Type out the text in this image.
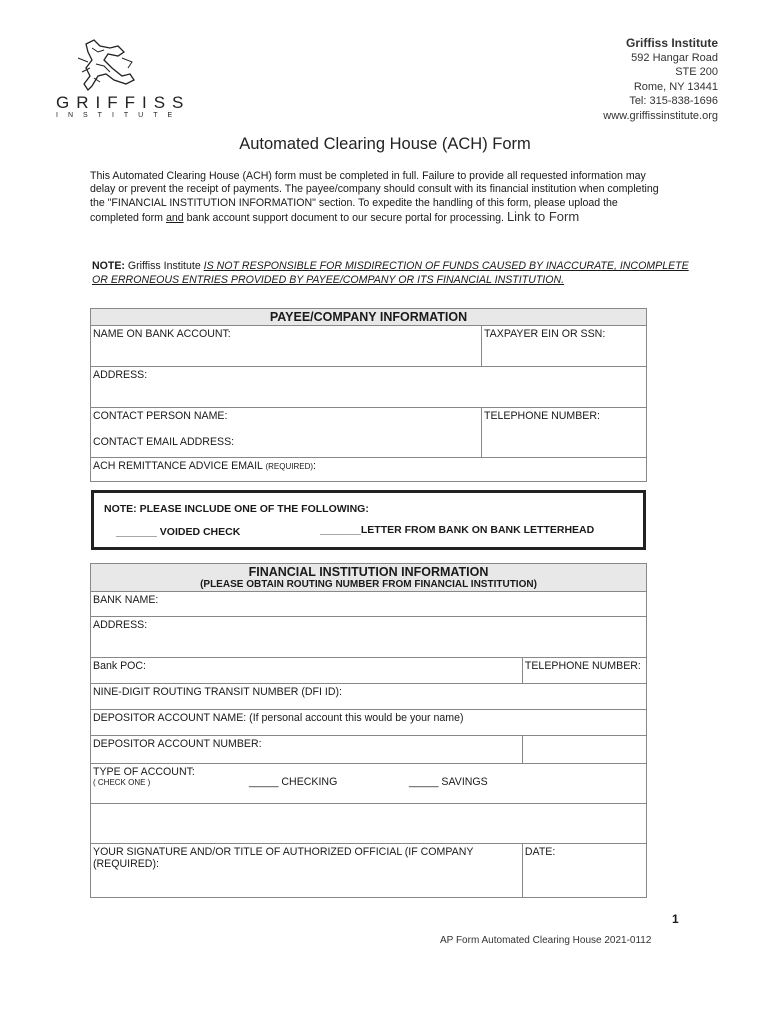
GRIFFISS
INSTITUTE
Griffiss Institute
592 Hangar Road
STE 200
Rome, NY 13441
Tel: 315-838-1696
www.griffissinstitute.org
Automated Clearing House (ACH) Form
This Automated Clearing House (ACH) form must be completed in full. Failure to provide all requested information may delay or prevent the receipt of payments. The payee/company should consult with its financial institution when completing the "FINANCIAL INSTITUTION INFORMATION" section. To expedite the handling of this form, please upload the completed form and bank account support document to our secure portal for processing. Link to Form
NOTE: Griffiss Institute IS NOT RESPONSIBLE FOR MISDIRECTION OF FUNDS CAUSED BY INACCURATE, INCOMPLETE OR ERRONEOUS ENTRIES PROVIDED BY PAYEE/COMPANY OR ITS FINANCIAL INSTITUTION.
PAYEE/COMPANY INFORMATION	
NAME ON BANK ACCOUNT:	TAXPAYER EIN OR SSN:
ADDRESS:	
CONTACT PERSON NAME:	TELEPHONE NUMBER:
CONTACT EMAIL ADDRESS:	
ACH REMITTANCE ADVICE EMAIL (REQUIRED):	
NOTE: PLEASE INCLUDE ONE OF THE FOLLOWING:
_______ VOIDED CHECK	_______LETTER FROM BANK ON BANK LETTERHEAD
FINANCIAL INSTITUTION INFORMATION
(PLEASE OBTAIN ROUTING NUMBER FROM FINANCIAL INSTITUTION)	

BANK NAME:	
ADDRESS:	
Bank POC:	TELEPHONE NUMBER:
NINE-DIGIT ROUTING TRANSIT NUMBER (DFI ID):	
DEPOSITOR ACCOUNT NAME: (If personal account this would be your name)	
DEPOSITOR ACCOUNT NUMBER:	

TYPE OF ACCOUNT:
( CHECK ONE ) _____ CHECKING _____ SAVINGS	

YOUR SIGNATURE AND/OR TITLE OF AUTHORIZED OFFICIAL (IF COMPANY (REQUIRED):	DATE:
1
AP Form Automated Clearing House 2021-0112
